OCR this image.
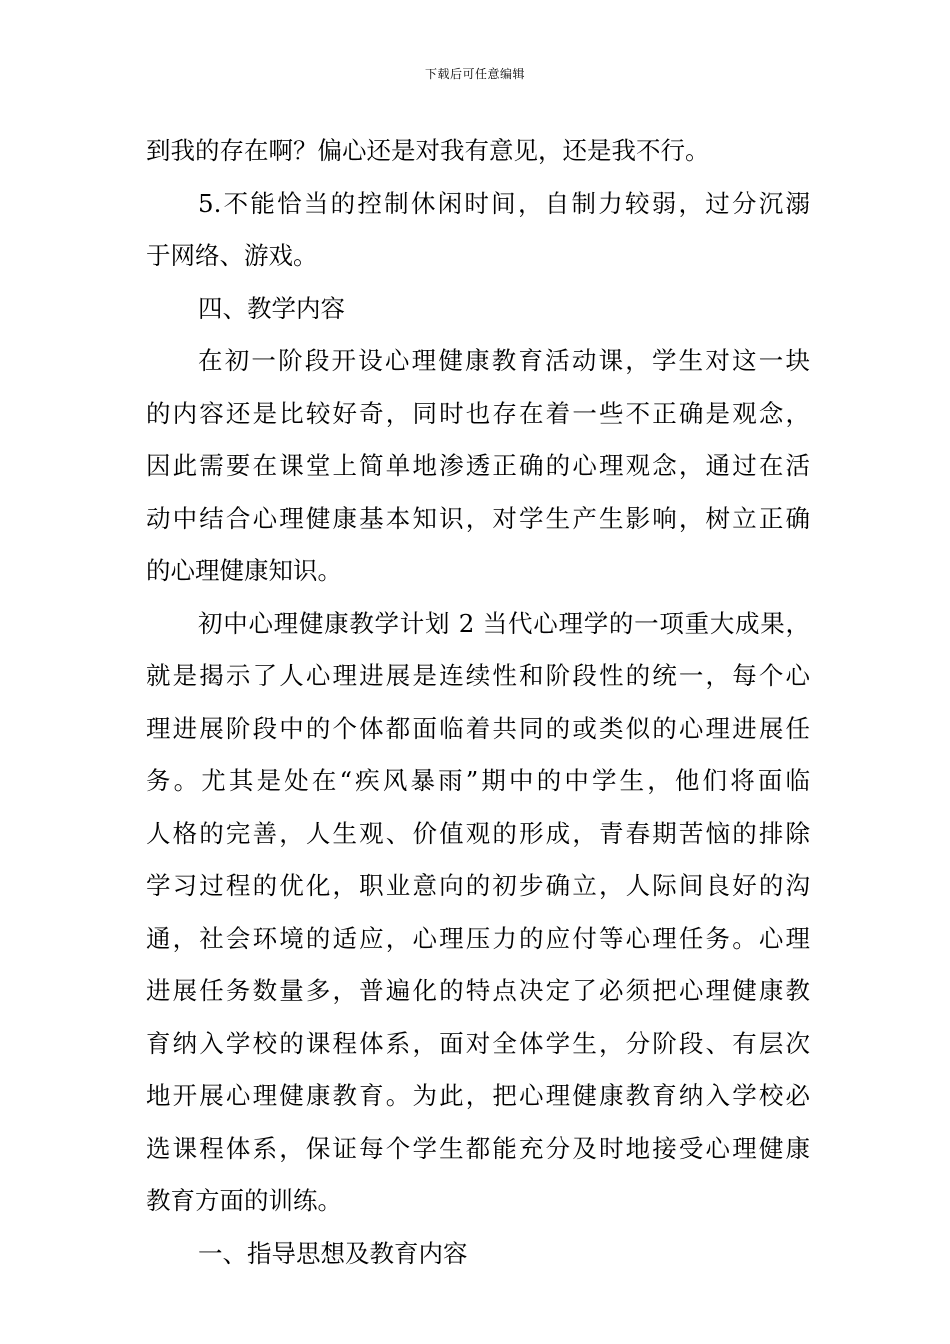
下载后可任意编辑
到我的存在啊？偏心还是对我有意见，还是我不行。
5.不能恰当的控制休闲时间，自制力较弱，过分沉溺
于网络、游戏。
四、教学内容
在初一阶段开设心理健康教育活动课，学生对这一块
的内容还是比较好奇，同时也存在着一些不正确是观念，
因此需要在课堂上简单地渗透正确的心理观念，通过在活
动中结合心理健康基本知识，对学生产生影响，树立正确
的心理健康知识。
初中心理健康教学计划 2 当代心理学的一项重大成果，
就是揭示了人心理进展是连续性和阶段性的统一，每个心
理进展阶段中的个体都面临着共同的或类似的心理进展任
务。尤其是处在“疾风暴雨”期中的中学生，他们将面临
人格的完善，人生观、价值观的形成，青春期苦恼的排除
学习过程的优化，职业意向的初步确立，人际间良好的沟
通，社会环境的适应，心理压力的应付等心理任务。心理
进展任务数量多，普遍化的特点决定了必须把心理健康教
育纳入学校的课程体系，面对全体学生，分阶段、有层次
地开展心理健康教育。为此，把心理健康教育纳入学校必
选课程体系，保证每个学生都能充分及时地接受心理健康
教育方面的训练。
一、指导思想及教育内容
